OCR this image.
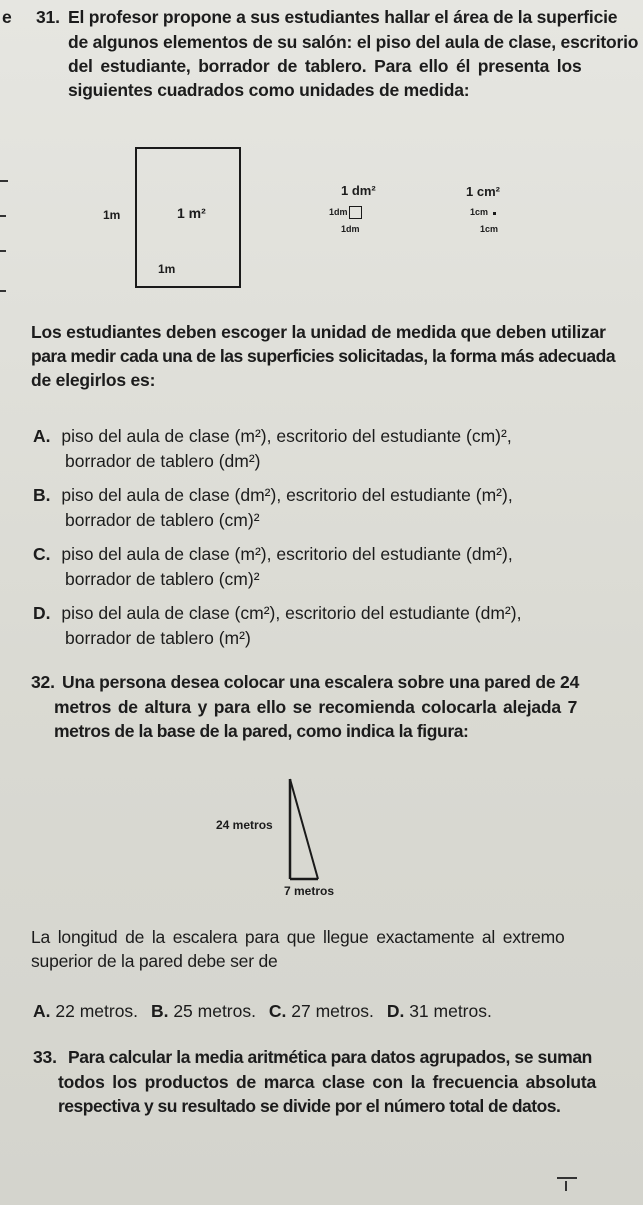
e 31. El profesor propone a sus estudiantes hallar el área de la superficie
de algunos elementos de su salón: el piso del aula de clase, escritorio
del estudiante, borrador de tablero. Para ello él presenta los
siguientes cuadrados como unidades de medida:
1 m²
1m
1m
1 dm²
1dm
1dm
1 cm²
1cm
1cm
Los estudiantes deben escoger la unidad de medida que deben utilizar
para medir cada una de las superficies solicitadas, la forma más adecuada
de elegirlos es:
A. piso del aula de clase (m²), escritorio del estudiante (cm)²,
borrador de tablero (dm²)
B. piso del aula de clase (dm²), escritorio del estudiante (m²),
borrador de tablero (cm)²
C. piso del aula de clase (m²), escritorio del estudiante (dm²),
borrador de tablero (cm)²
D. piso del aula de clase (cm²), escritorio del estudiante (dm²),
borrador de tablero (m²)
32. Una persona desea colocar una escalera sobre una pared de 24
metros de altura y para ello se recomienda colocarla alejada 7
metros de la base de la pared, como indica la figura:
24 metros
7 metros
La longitud de la escalera para que llegue exactamente al extremo
superior de la pared debe ser de
A. 22 metros. B. 25 metros. C. 27 metros. D. 31 metros.
33. Para calcular la media aritmética para datos agrupados, se suman
todos los productos de marca clase con la frecuencia absoluta
respectiva y su resultado se divide por el número total de datos.
